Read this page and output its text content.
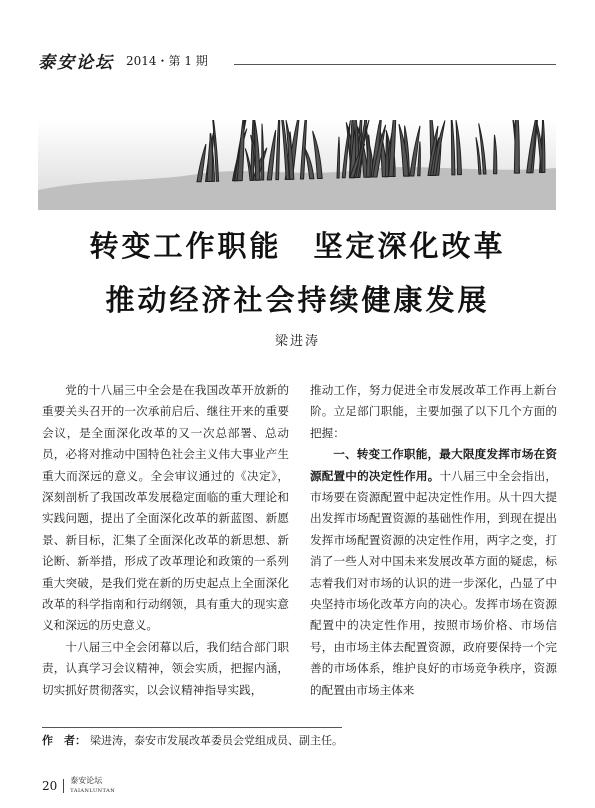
泰安论坛 2014・第 1 期
转变工作职能　坚定深化改革
推动经济社会持续健康发展
梁进涛

党的十八届三中全会是在我国改革开放新的重要关头召开的一次承前启后、继往开来的重要会议，是全面深化改革的又一次总部署、总动员，必将对推动中国特色社会主义伟大事业产生重大而深远的意义。全会审议通过的《决定》，深刻剖析了我国改革发展稳定面临的重大理论和实践问题，提出了全面深化改革的新蓝图、新愿景、新目标，汇集了全面深化改革的新思想、新论断、新举措，形成了改革理论和政策的一系列重大突破，是我们党在新的历史起点上全面深化改革的科学指南和行动纲领，具有重大的现实意义和深远的历史意义。

十八届三中全会闭幕以后，我们结合部门职责，认真学习会议精神，领会实质，把握内涵，切实抓好贯彻落实，以会议精神指导实践，

推动工作，努力促进全市发展改革工作再上新台阶。立足部门职能，主要加强了以下几个方面的把握：

一、转变工作职能，最大限度发挥市场在资源配置中的决定性作用。十八届三中全会指出，市场要在资源配置中起决定性作用。从十四大提出发挥市场配置资源的基础性作用，到现在提出发挥市场配置资源的决定性作用，两字之变，打消了一些人对中国未来发展改革方面的疑虑，标志着我们对市场的认识的进一步深化，凸显了中央坚持市场化改革方向的决心。发挥市场在资源配置中的决定性作用，按照市场价格、市场信号，由市场主体去配置资源，政府要保持一个完善的市场体系，维护良好的市场竞争秩序，资源的配置由市场主体来

作　者： 梁进涛，泰安市发展改革委员会党组成员、副主任。
20 泰安论坛
TAIANLUNTAN
